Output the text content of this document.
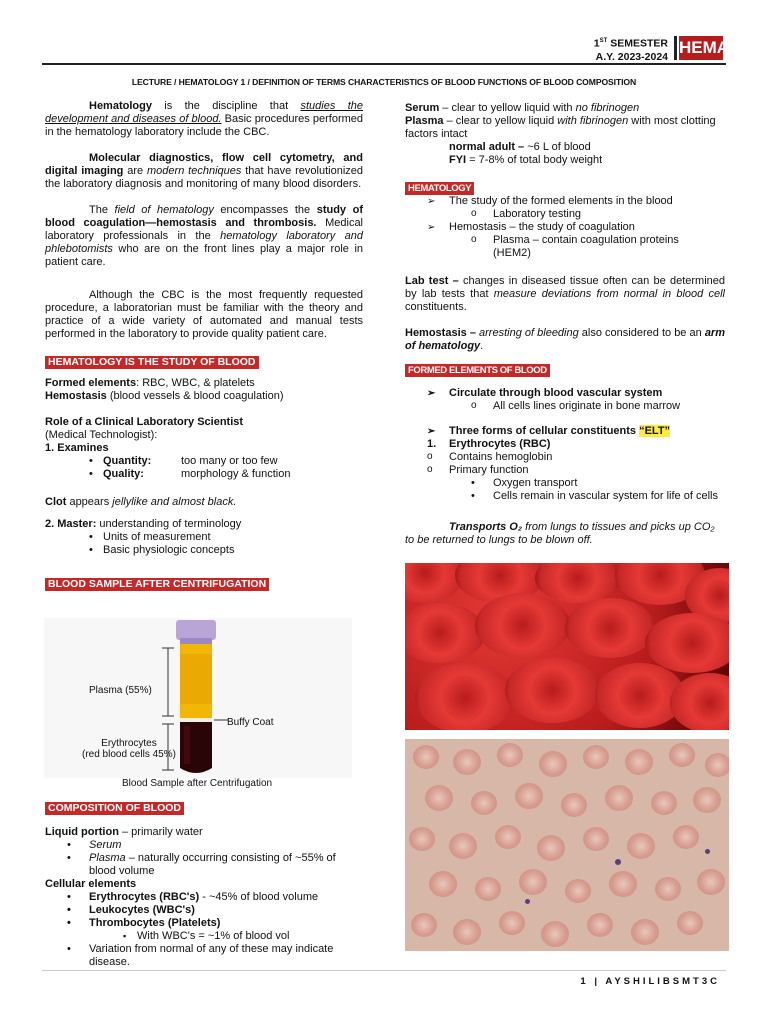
1ST SEMESTER
A.Y. 2023-2024 HEMA
LECTURE / HEMATOLOGY 1 / DEFINITION OF TERMS CHARACTERISTICS OF BLOOD FUNCTIONS OF BLOOD COMPOSITION

Hematology is the discipline that studies the development and diseases of blood. Basic procedures performed in the hematology laboratory include the CBC.

Molecular diagnostics, flow cell cytometry, and digital imaging are modern techniques that have revolutionized the laboratory diagnosis and monitoring of many blood disorders.

The field of hematology encompasses the study of blood coagulation—hemostasis and thrombosis. Medical laboratory professionals in the hematology laboratory and phlebotomists who are on the front lines play a major role in patient care.

Although the CBC is the most frequently requested procedure, a laboratorian must be familiar with the theory and practice of a wide variety of automated and manual tests performed in the laboratory to provide quality patient care.

HEMATOLOGY IS THE STUDY OF BLOOD

Formed elements: RBC, WBC, & platelets

Hemostasis (blood vessels & blood coagulation)

Role of a Clinical Laboratory Scientist

(Medical Technologist):

1. Examines

• Quantity:	too many or too few
• Quality:	morphology & function

Clot appears jellylike and almost black.

2. Master: understanding of terminology

• Units of measurement
• Basic physiologic concepts
BLOOD SAMPLE AFTER CENTRIFUGATION
Plasma (55%)
Buffy Coat
Erythrocytes
(red blood cells 45%)
Blood Sample after Centrifugation
COMPOSITION OF BLOOD

Liquid portion – primarily water

• Serum
• Plasma – naturally occurring consisting of ~55% of blood volume

Cellular elements

• Erythrocytes (RBC's) - ~45% of blood volume
• Leukocytes (WBC's)
• Thrombocytes (Platelets)
▪ With WBC's = ~1% of blood vol
• Variation from normal of any of these may indicate disease.

Serum – clear to yellow liquid with no fibrinogen

Plasma – clear to yellow liquid with fibrinogen with most clotting factors intact

normal adult – ~6 L of blood

FYI = 7-8% of total body weight

HEMATOLOGY
➢ The study of the formed elements in the blood
o Laboratory testing
➢ Hemostasis – the study of coagulation
o Plasma – contain coagulation proteins (HEM2)

Lab test – changes in diseased tissue often can be determined by lab tests that measure deviations from normal in blood cell constituents.

Hemostasis – arresting of bleeding also considered to be an arm of hematology.

FORMED ELEMENTS OF BLOOD
➢ Circulate through blood vascular system
o All cells lines originate in bone marrow
➢ Three forms of cellular constituents “ELT”
1. Erythrocytes (RBC)
o Contains hemoglobin
o Primary function
• Oxygen transport
• Cells remain in vascular system for life of cells

Transports O₂ from lungs to tissues and picks up CO₂ to be returned to lungs to be blown off.

1 | AYSHILIBSMT3C
